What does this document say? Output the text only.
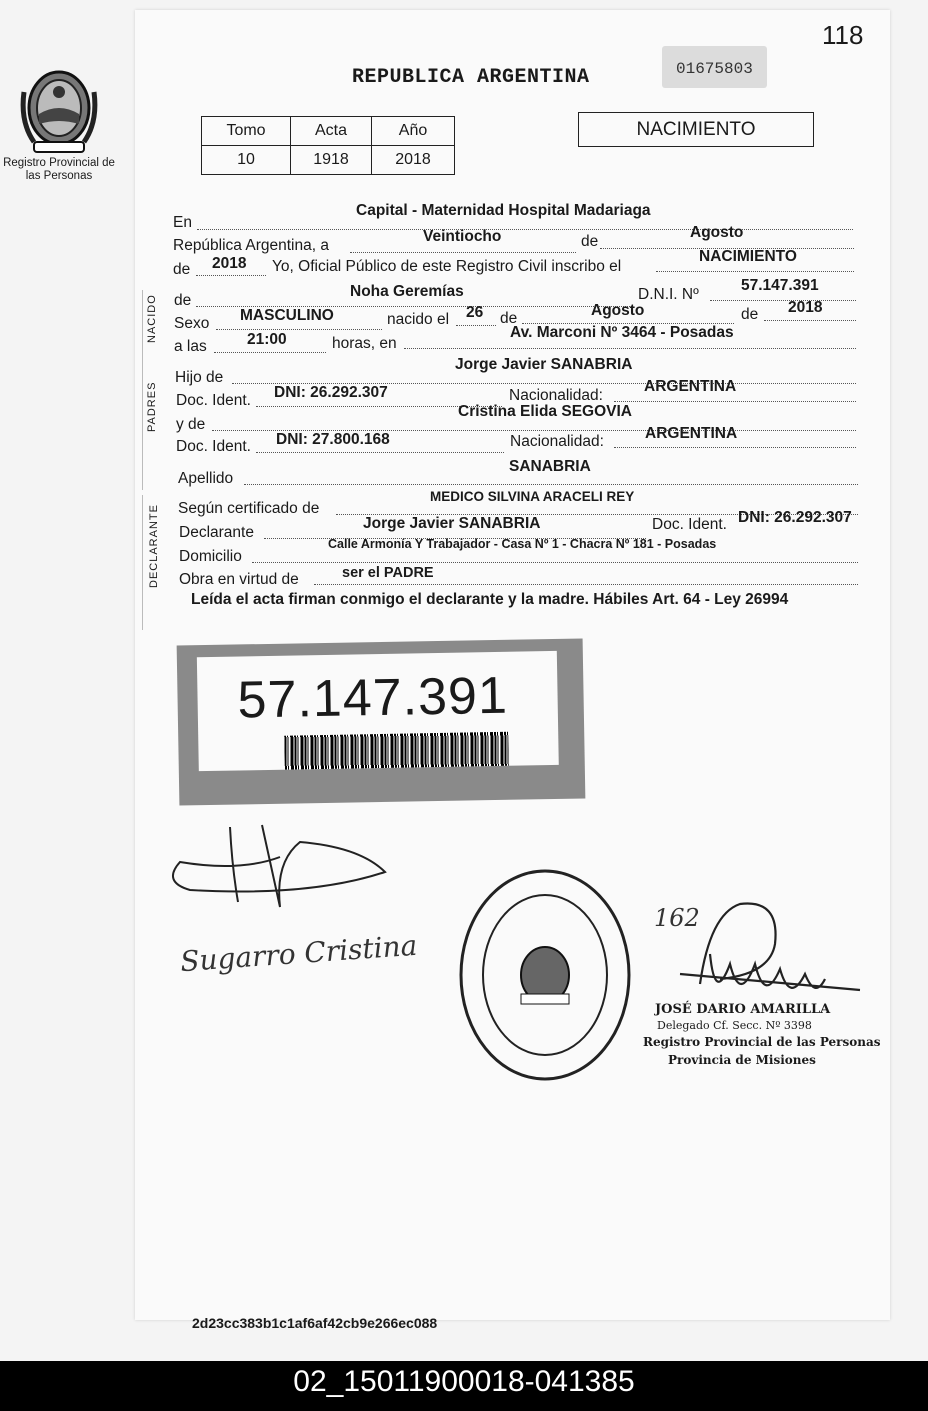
118
Registro Provincial de las Personas
REPUBLICA ARGENTINA	01675803
Tomo	Acta	Año
10	1918	2018
NACIMIENTO
NACIDO
PADRES
DECLARANTE
En
Capital - Maternidad Hospital Madariaga
República Argentina, a
Veintiocho	de
Agosto
de 2018 Yo, Oficial Público de este Registro Civil inscribo el
NACIMIENTO
de
Noha Geremías	D.N.I. Nº
57.147.391
Sexo MASCULINO	nacido el 26 de	Agosto	de 2018
a las	21:00	horas, en
Av. Marconi Nº 3464 - Posadas
Hijo de
Jorge Javier SANABRIA
Doc. Ident. DNI: 26.292.307	Nacionalidad:
ARGENTINA
y de
Cristina Elida SEGOVIA
Doc. Ident. DNI: 27.800.168	Nacionalidad:	ARGENTINA
Apellido
SANABRIA
Según certificado de
MEDICO SILVINA ARACELI REY
Declarante
Jorge Javier SANABRIA	Doc. Ident. DNI: 26.292.307
Domicilio
Calle Armonía Y Trabajador - Casa Nº 1 - Chacra Nº 181 - Posadas
Obra en virtud de	ser el PADRE
Leída el acta firman conmigo el declarante y la madre. Hábiles Art. 64 - Ley 26994
57.147.391
Sugarro Cristina
162
JOSÉ DARIO AMARILLA
Delegado Cf. Secc. Nº 3398
Registro Provincial de las Personas
Provincia de Misiones
2d23cc383b1c1af6af42cb9e266ec088
02_15011900018-041385
